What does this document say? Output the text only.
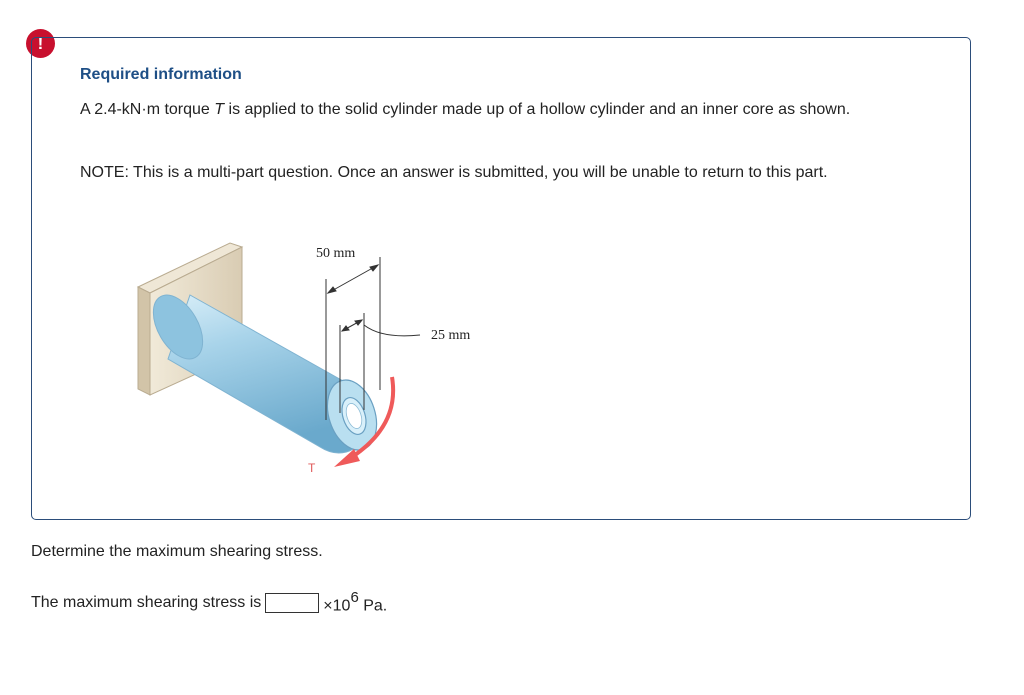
!
Required information
A 2.4-kN·m torque T is applied to the solid cylinder made up of a hollow cylinder and an inner core as shown.
NOTE: This is a multi-part question. Once an answer is submitted, you will be unable to return to this part.
50 mm
25 mm
T
Determine the maximum shearing stress.
The maximum shearing stress is	$\times 10^6$ Pa.
